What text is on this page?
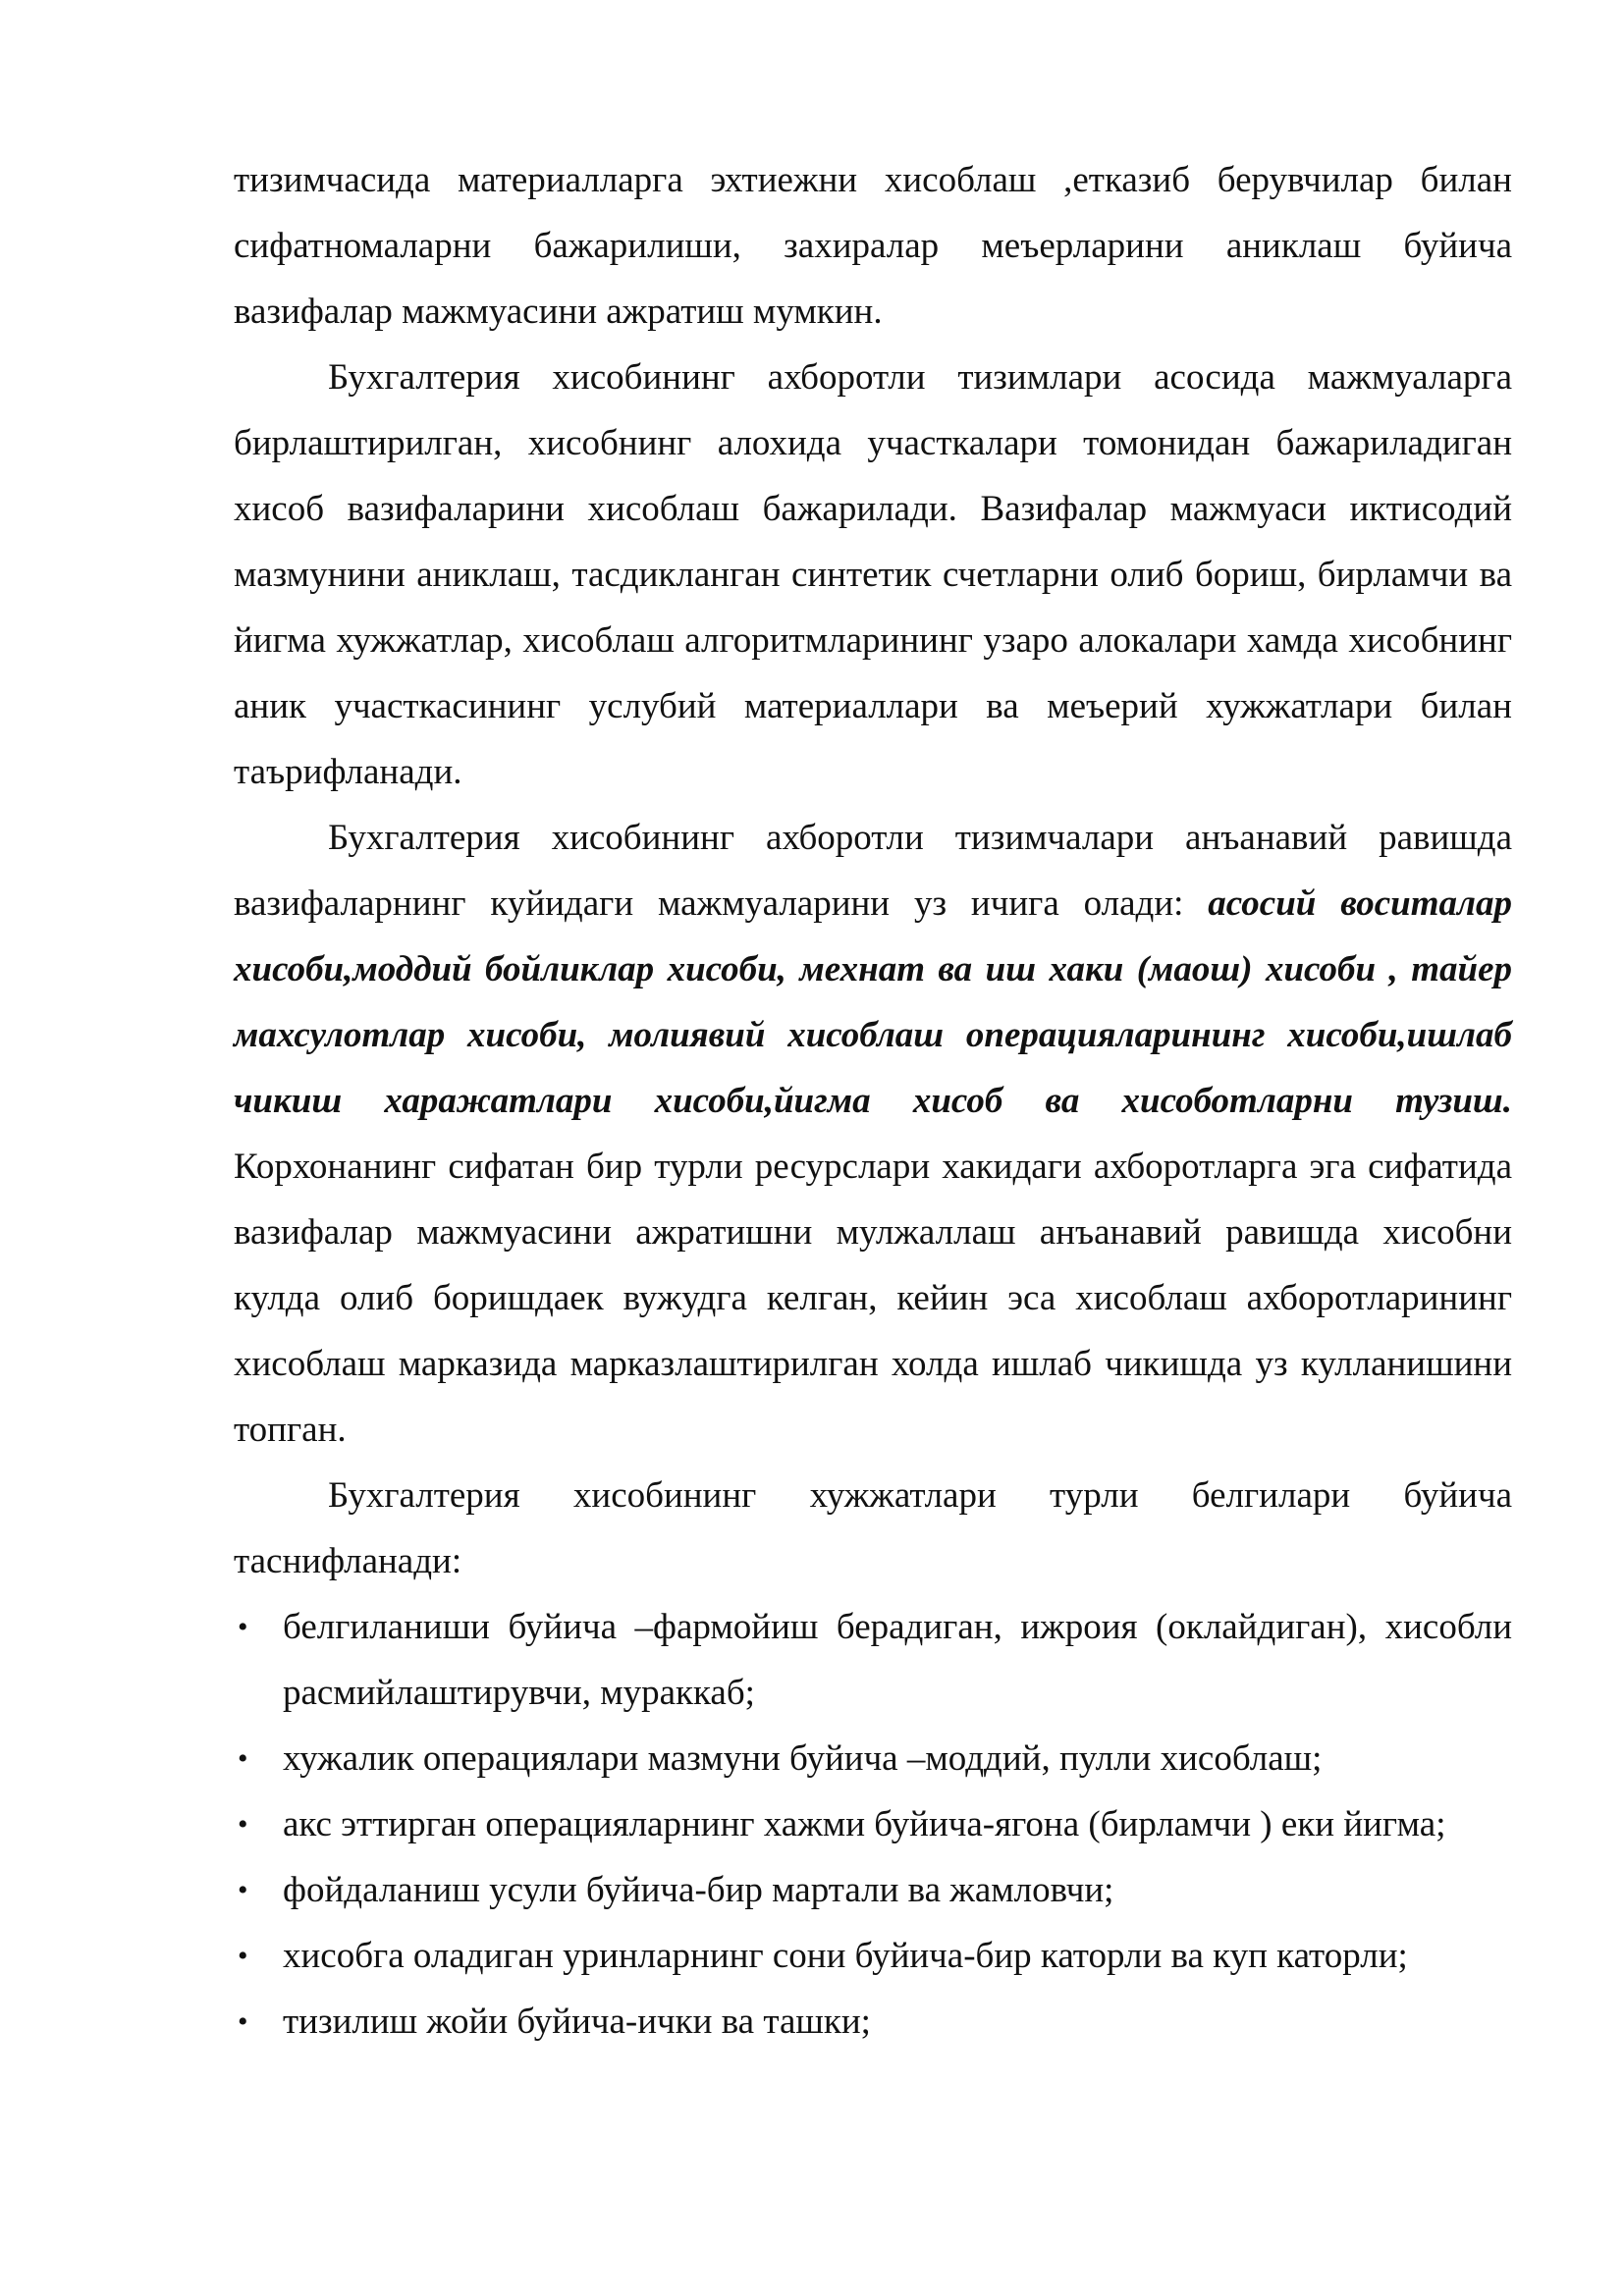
тизимчасида материалларга эхтиежни хисоблаш ,етказиб берувчилар билан сифатномаларни бажарилиши, захиралар меъерларини аниклаш буйича вазифалар мажмуасини ажратиш мумкин.

Бухгалтерия хисобининг ахборотли тизимлари асосида мажмуаларга бирлаштирилган, хисобнинг алохида участкалари томонидан бажариладиган хисоб вазифаларини хисоблаш бажарилади. Вазифалар мажмуаси иктисодий мазмунини аниклаш, тасдикланган синтетик счетларни олиб бориш, бирламчи ва йигма хужжатлар, хисоблаш алгоритмларининг узаро алокалари хамда хисобнинг аник участкасининг услубий материаллари ва меъерий хужжатлари билан таърифланади.

Бухгалтерия хисобининг ахборотли тизимчалари анъанавий равишда вазифаларнинг куйидаги мажмуаларини уз ичига олади: асосий воситалар хисоби,моддий бойликлар хисоби, мехнат ва иш хаки (маош) хисоби , тайер махсулотлар хисоби, молиявий хисоблаш операцияларининг хисоби,ишлаб чикиш харажатлари хисоби,йигма хисоб ва хисоботларни тузиш. Корхонанинг сифатан бир турли ресурслари хакидаги ахборотларга эга сифатида вазифалар мажмуасини ажратишни мулжаллаш анъанавий равишда хисобни кулда олиб боришдаек вужудга келган, кейин эса хисоблаш ахборотларининг хисоблаш марказида марказлаштирилган холда ишлаб чикишда уз кулланишини топган.

Бухгалтерия хисобининг хужжатлари турли белгилари буйича таснифланади:

• белгиланиши буйича –фармойиш берадиган, ижроия (оклайдиган), хисобли расмийлаштирувчи, мураккаб;
• хужалик операциялари мазмуни буйича –моддий, пулли хисоблаш;
• акс эттирган операцияларнинг хажми буйича-ягона (бирламчи ) еки йигма;
• фойдаланиш усули буйича-бир мартали ва жамловчи;
• хисобга оладиган уринларнинг сони буйича-бир каторли ва куп каторли;
• тизилиш жойи буйича-ички ва ташки;
